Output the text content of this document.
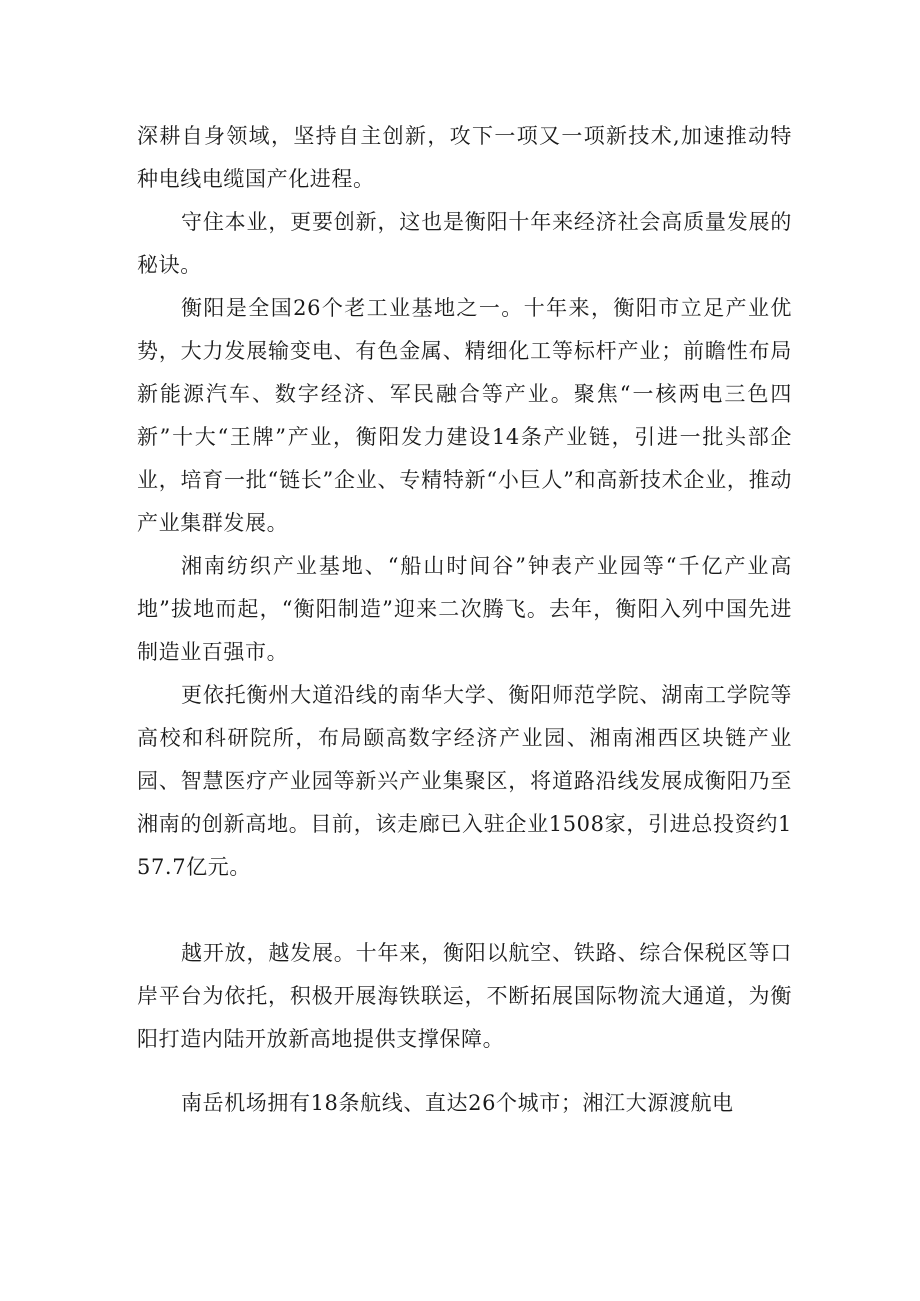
深耕自身领域，坚持自主创新，攻下一项又一项新技术,加速推动特种电线电缆国产化进程。

守住本业，更要创新，这也是衡阳十年来经济社会高质量发展的秘诀。

衡阳是全国26个老工业基地之一。十年来，衡阳市立足产业优势，大力发展输变电、有色金属、精细化工等标杆产业；前瞻性布局新能源汽车、数字经济、军民融合等产业。聚焦“一核两电三色四新”十大“王牌”产业，衡阳发力建设14条产业链，引进一批头部企业，培育一批“链长”企业、专精特新“小巨人”和高新技术企业，推动产业集群发展。

湘南纺织产业基地、“船山时间谷”钟表产业园等“千亿产业高地”拔地而起，“衡阳制造”迎来二次腾飞。去年，衡阳入列中国先进制造业百强市。

更依托衡州大道沿线的南华大学、衡阳师范学院、湖南工学院等高校和科研院所，布局颐高数字经济产业园、湘南湘西区块链产业园、智慧医疗产业园等新兴产业集聚区，将道路沿线发展成衡阳乃至湘南的创新高地。目前，该走廊已入驻企业1508家，引进总投资约157.7亿元。

越开放，越发展。十年来，衡阳以航空、铁路、综合保税区等口岸平台为依托，积极开展海铁联运，不断拓展国际物流大通道，为衡阳打造内陆开放新高地提供支撑保障。

南岳机场拥有18条航线、直达26个城市；湘江大源渡航电
